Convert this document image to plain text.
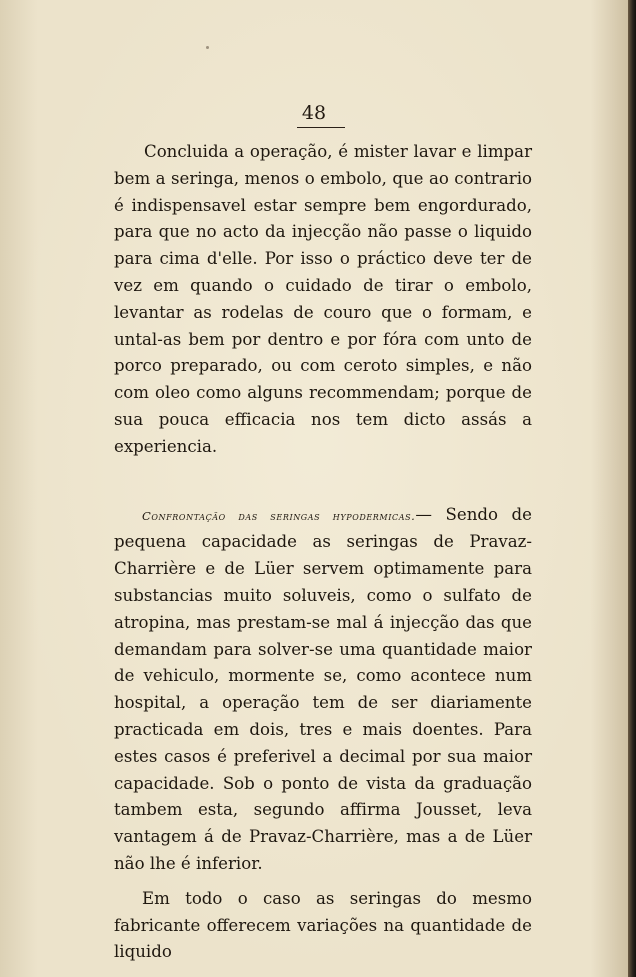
48

Concluida a operação, é mister lavar e limpar bem a seringa, menos o embolo, que ao contrario é indispensavel estar sempre bem engordurado, para que no acto da injecção não passe o liquido para cima d'elle. Por isso o práctico deve ter de vez em quando o cuidado de tirar o embolo, levantar as rodelas de couro que o formam, e untal-as bem por dentro e por fóra com unto de porco preparado, ou com ceroto simples, e não com oleo como alguns recommendam; porque de sua pouca efficacia nos tem dicto assás a experiencia.

Confrontação das seringas hypodermicas.— Sendo de pequena capacidade as seringas de Pravaz-Charrière e de Lüer servem optimamente para substancias muito soluveis, como o sulfato de atropina, mas prestam-se mal á injecção das que demandam para solver-se uma quantidade maior de vehiculo, mormente se, como acontece num hospital, a operação tem de ser diariamente practicada em dois, tres e mais doentes. Para estes casos é preferivel a decimal por sua maior capacidade. Sob o ponto de vista da graduação tambem esta, segundo affirma Jousset, leva vantagem á de Pravaz-Charrière, mas a de Lüer não lhe é inferior.

Em todo o caso as seringas do mesmo fabricante offerecem variações na quantidade de liquido
